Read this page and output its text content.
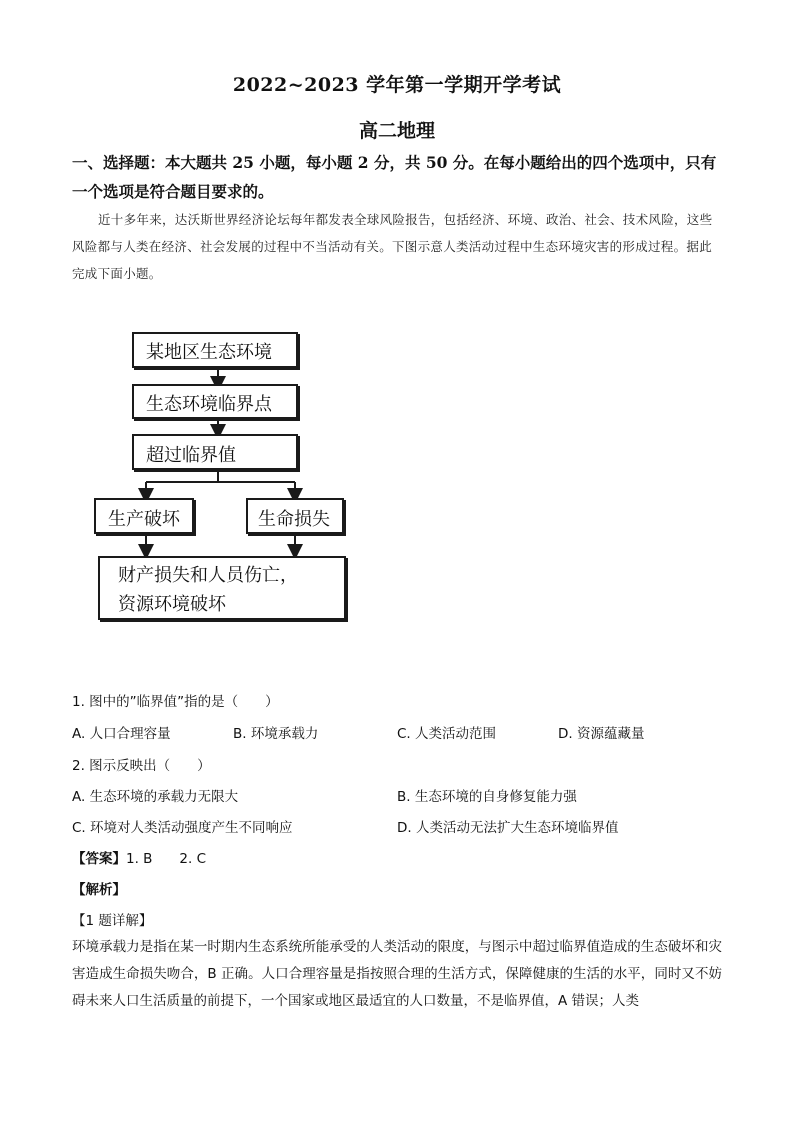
2022~2023 学年第一学期开学考试
高二地理
一、选择题：本大题共 25 小题，每小题 2 分，共 50 分。在每小题给出的四个选项中，只有一个选项是符合题目要求的。
近十多年来，达沃斯世界经济论坛每年都发表全球风险报告，包括经济、环境、政治、社会、技术风险，这些风险都与人类在经济、社会发展的过程中不当活动有关。下图示意人类活动过程中生态环境灾害的形成过程。据此完成下面小题。
某地区生态环境
生态环境临界点
超过临界值
生产破坏	生命损失
财产损失和人员伤亡，
资源环境破坏
1. 图中的”临界值”指的是（　　）
A. 人口合理容量	B. 环境承载力	C. 人类活动范围	D. 资源蕴藏量
2. 图示反映出（　　）
A. 生态环境的承载力无限大	B. 生态环境的自身修复能力强
C. 环境对人类活动强度产生不同响应	D. 人类活动无法扩大生态环境临界值
【答案】1. B　　2. C
【解析】
【1 题详解】
环境承载力是指在某一时期内生态系统所能承受的人类活动的限度，与图示中超过临界值造成的生态破坏和灾害造成生命损失吻合，B 正确。人口合理容量是指按照合理的生活方式，保障健康的生活的水平，同时又不妨碍未来人口生活质量的前提下，一个国家或地区最适宜的人口数量，不是临界值，A 错误；人类
